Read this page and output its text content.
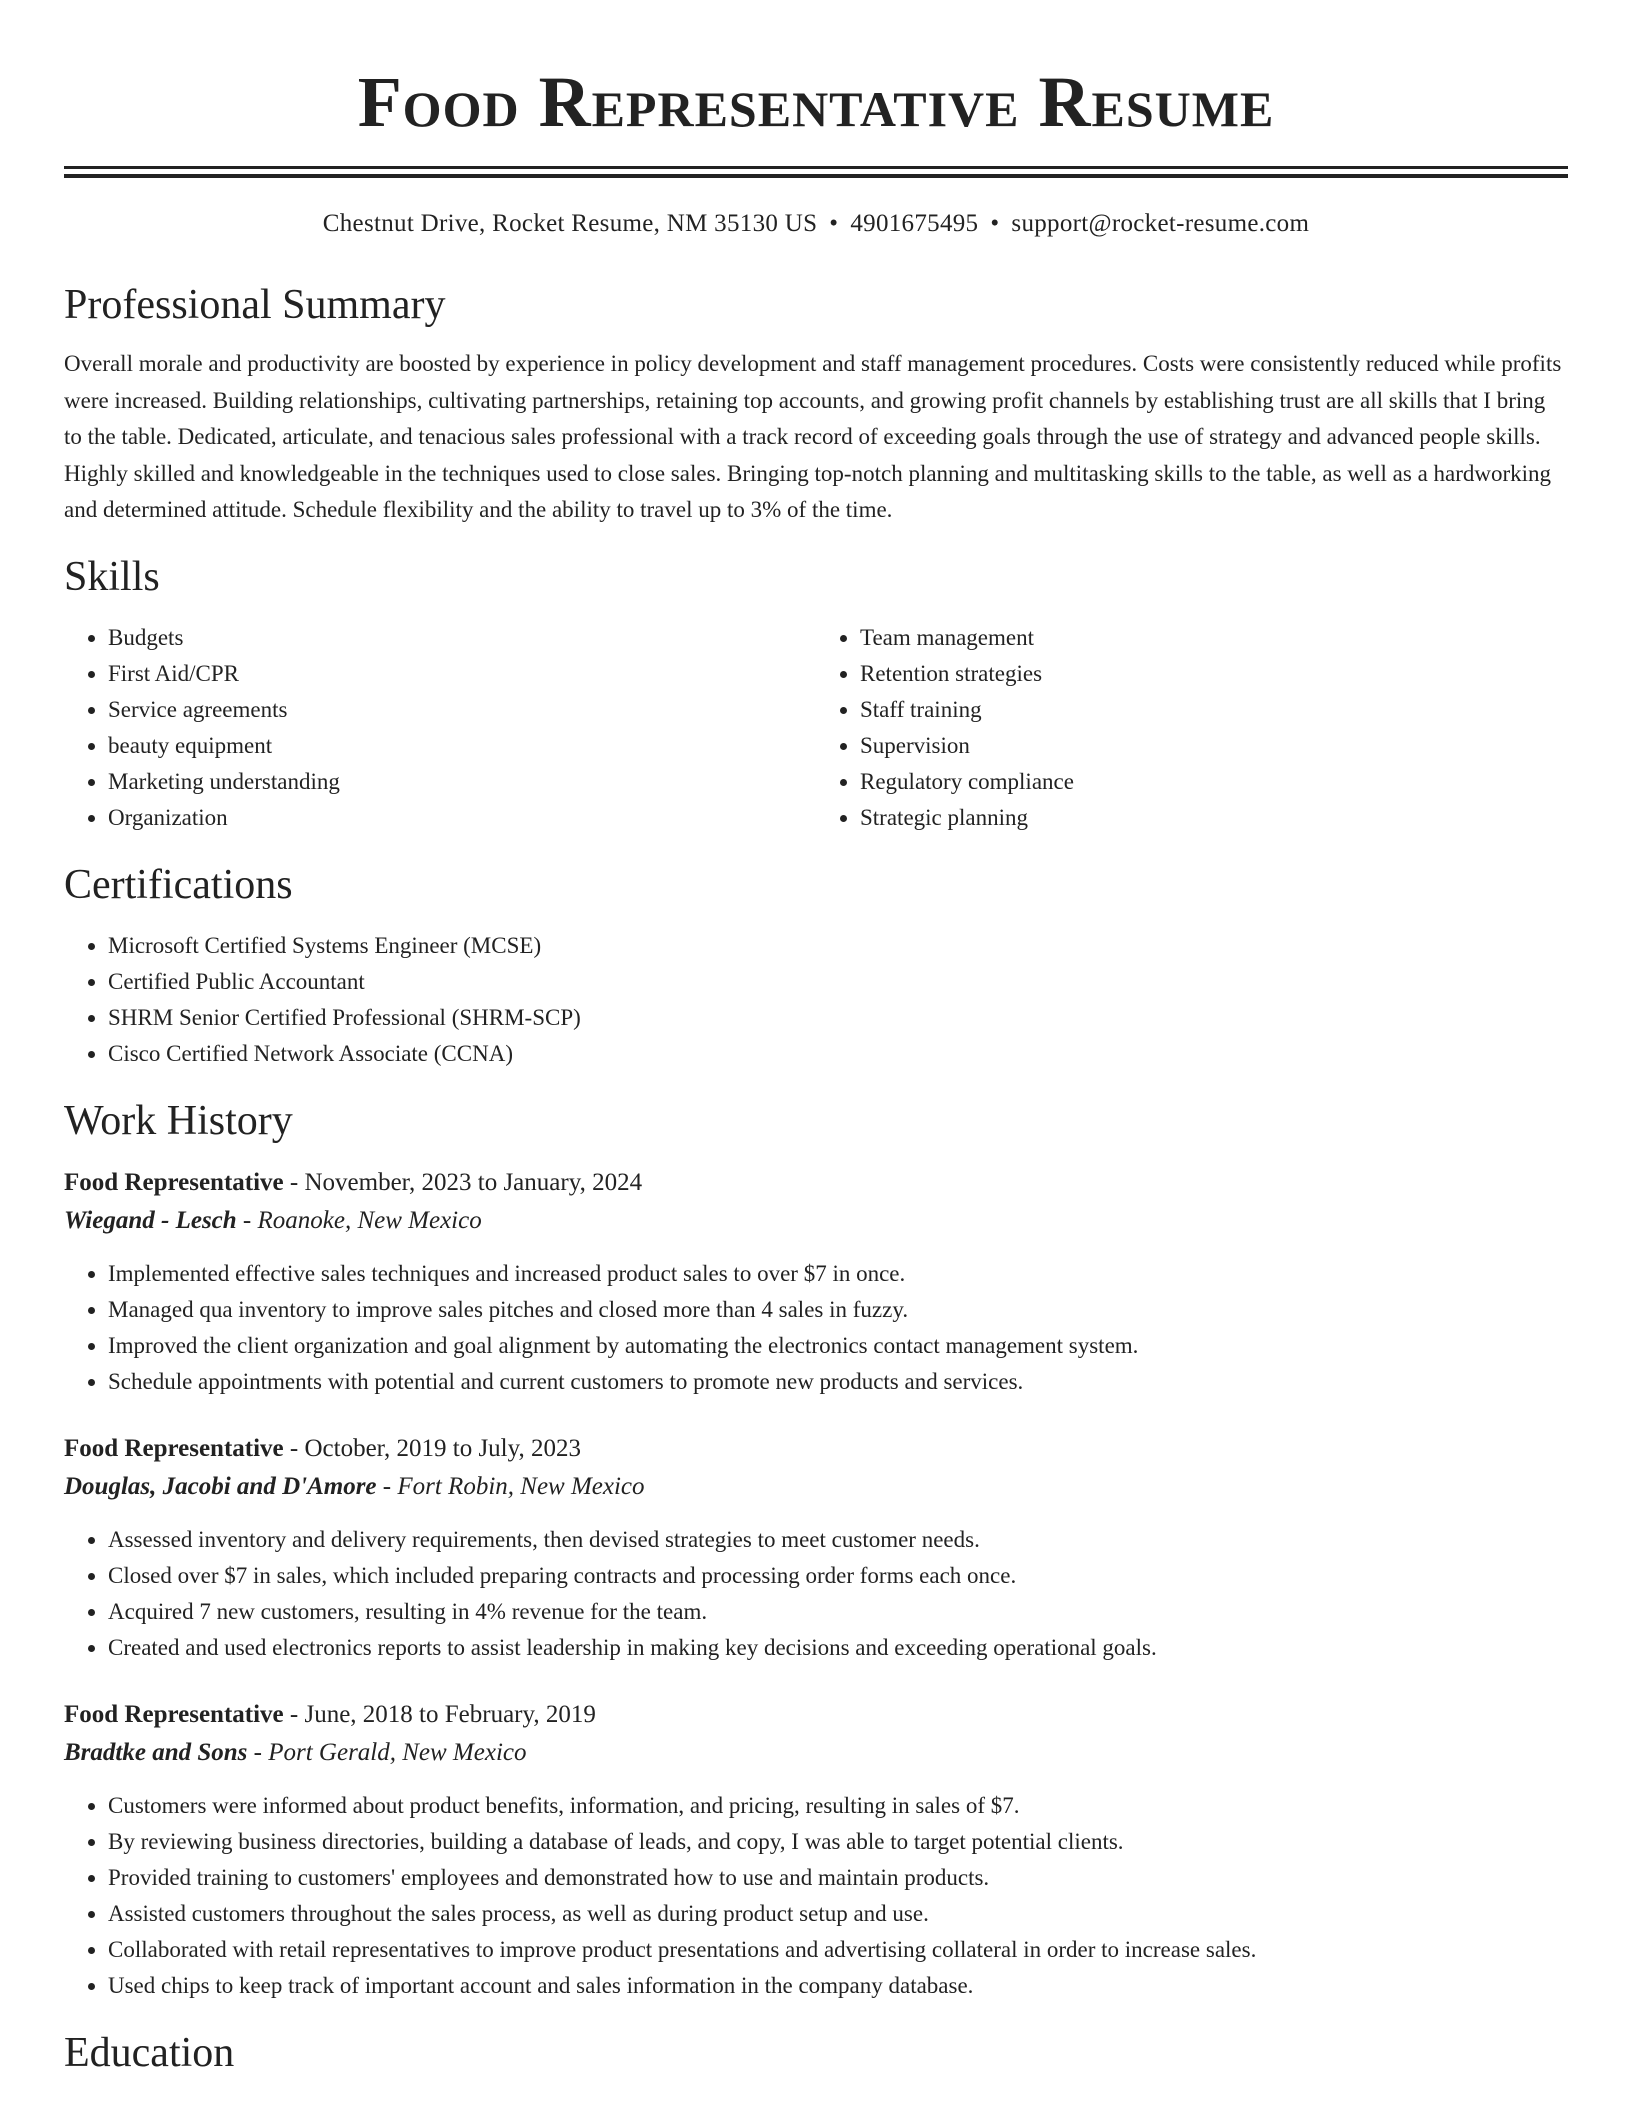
Food Representative Resume
Chestnut Drive, Rocket Resume, NM 35130 US • 4901675495 • support@rocket-resume.com
Professional Summary

Overall morale and productivity are boosted by experience in policy development and staff management procedures. Costs were consistently reduced while profits were increased. Building relationships, cultivating partnerships, retaining top accounts, and growing profit channels by establishing trust are all skills that I bring to the table. Dedicated, articulate, and tenacious sales professional with a track record of exceeding goals through the use of strategy and advanced people skills. Highly skilled and knowledgeable in the techniques used to close sales. Bringing top-notch planning and multitasking skills to the table, as well as a hardworking and determined attitude. Schedule flexibility and the ability to travel up to 3% of the time.

Skills
• Budgets
• First Aid/CPR
• Service agreements
• beauty equipment
• Marketing understanding
• Organization
• Team management
• Retention strategies
• Staff training
• Supervision
• Regulatory compliance
• Strategic planning
Certifications
• Microsoft Certified Systems Engineer (MCSE)
• Certified Public Accountant
• SHRM Senior Certified Professional (SHRM-SCP)
• Cisco Certified Network Associate (CCNA)
Work History
Food Representative - November, 2023 to January, 2024
Wiegand - Lesch - Roanoke, New Mexico
• Implemented effective sales techniques and increased product sales to over $7 in once.
• Managed qua inventory to improve sales pitches and closed more than 4 sales in fuzzy.
• Improved the client organization and goal alignment by automating the electronics contact management system.
• Schedule appointments with potential and current customers to promote new products and services.
Food Representative - October, 2019 to July, 2023
Douglas, Jacobi and D'Amore - Fort Robin, New Mexico
• Assessed inventory and delivery requirements, then devised strategies to meet customer needs.
• Closed over $7 in sales, which included preparing contracts and processing order forms each once.
• Acquired 7 new customers, resulting in 4% revenue for the team.
• Created and used electronics reports to assist leadership in making key decisions and exceeding operational goals.
Food Representative - June, 2018 to February, 2019
Bradtke and Sons - Port Gerald, New Mexico
• Customers were informed about product benefits, information, and pricing, resulting in sales of $7.
• By reviewing business directories, building a database of leads, and copy, I was able to target potential clients.
• Provided training to customers' employees and demonstrated how to use and maintain products.
• Assisted customers throughout the sales process, as well as during product setup and use.
• Collaborated with retail representatives to improve product presentations and advertising collateral in order to increase sales.
• Used chips to keep track of important account and sales information in the company database.
Education
